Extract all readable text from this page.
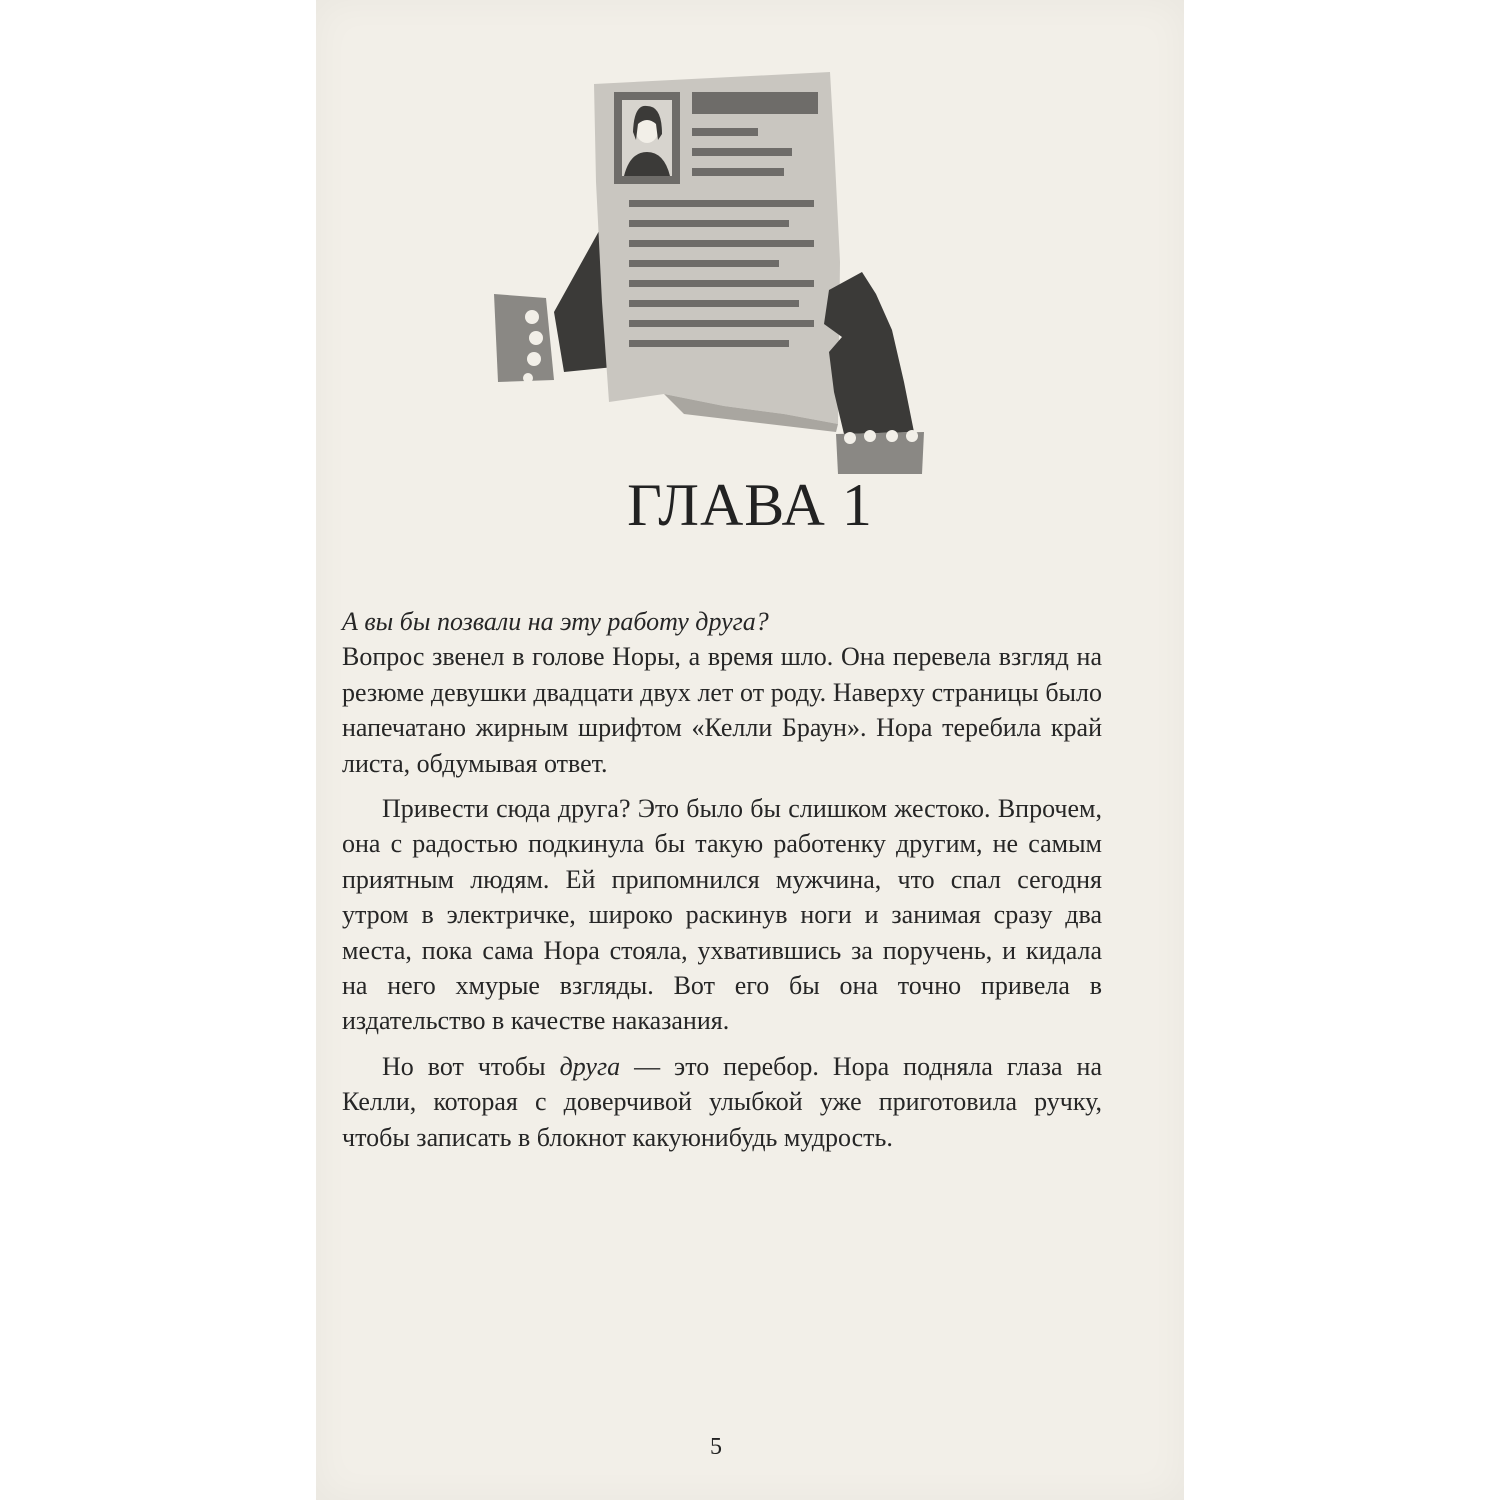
ГЛАВА 1

А вы бы позвали на эту работу друга?

Вопрос звенел в голове Норы, а время шло. Она перевела взгляд на резюме девушки двадцати двух лет от роду. Наверху страницы было напечатано жирным шрифтом «Келли Браун». Нора теребила край листа, обдумывая ответ.

Привести сюда друга? Это было бы слишком жестоко. Впрочем, она с радостью подкинула бы такую работенку другим, не самым приятным людям. Ей припомнился мужчина, что спал сегодня утром в электричке, широко раскинув ноги и занимая сразу два места, пока сама Нора стояла, ухватившись за поручень, и кидала на него хмурые взгляды. Вот его бы она точно привела в издательство в качестве наказания.

Но вот чтобы друга — это перебор. Нора подняла глаза на Келли, которая с доверчивой улыбкой уже приготовила ручку, чтобы записать в блокнот какуюнибудь мудрость.

5
